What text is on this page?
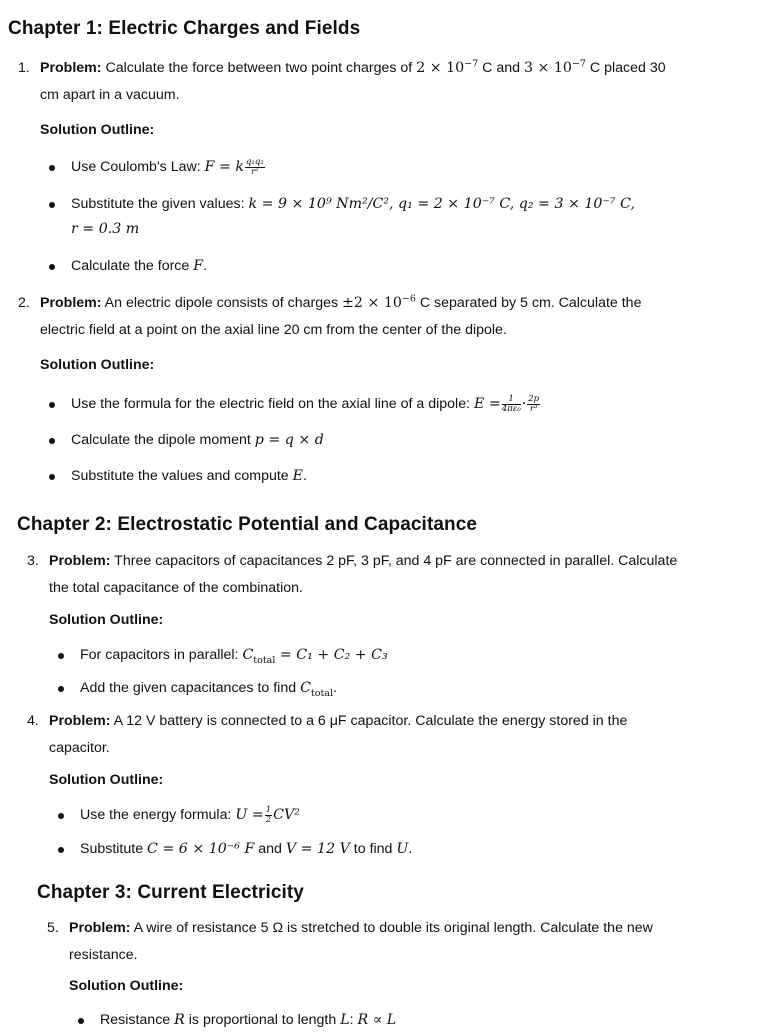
Chapter 1: Electric Charges and Fields
1. Problem: Calculate the force between two point charges of $2 \times 10^{-7}$ C and $3 \times 10^{-7}$ C placed 30
cm apart in a vacuum.
Solution Outline:
Use Coulomb's Law: F = k $\frac{\text{q₁q₂}}{\text{r²}}$
Substitute the given values: k = 9 × 10⁹ Nm²/C², q₁ = 2 × 10⁻⁷ C, q₂ = 3 × 10⁻⁷ C,
r = 0.3 m
Calculate the force F.
2. Problem: An electric dipole consists of charges $\pm 2 \times 10^{-6}$ C separated by 5 cm. Calculate the
electric field at a point on the axial line 20 cm from the center of the dipole.
Solution Outline:
Use the formula for the electric field on the axial line of a dipole: $E = \frac{1}{\text{4πε₀}} \cdot \frac{2p}{\text{r³}}$
Calculate the dipole moment p = q × d
Substitute the values and compute E.
Chapter 2: Electrostatic Potential and Capacitance
3. Problem: Three capacitors of capacitances 2 pF, 3 pF, and 4 pF are connected in parallel. Calculate
the total capacitance of the combination.
Solution Outline:
For capacitors in parallel: $C_{total} = C_1 + C_2 + C_3$
Add the given capacitances to find $C_{total}$.
4. Problem: A 12 V battery is connected to a 6 μF capacitor. Calculate the energy stored in the
capacitor.
Solution Outline:
Use the energy formula: $U = \frac{1}{2} CV^2$
Substitute C = 6 × 10⁻⁶ F and V = 12 V to find U.
Chapter 3: Current Electricity
5. Problem: A wire of resistance 5 Ω is stretched to double its original length. Calculate the new
resistance.
Solution Outline:
Resistance R is proportional to length L: R ∝ L
